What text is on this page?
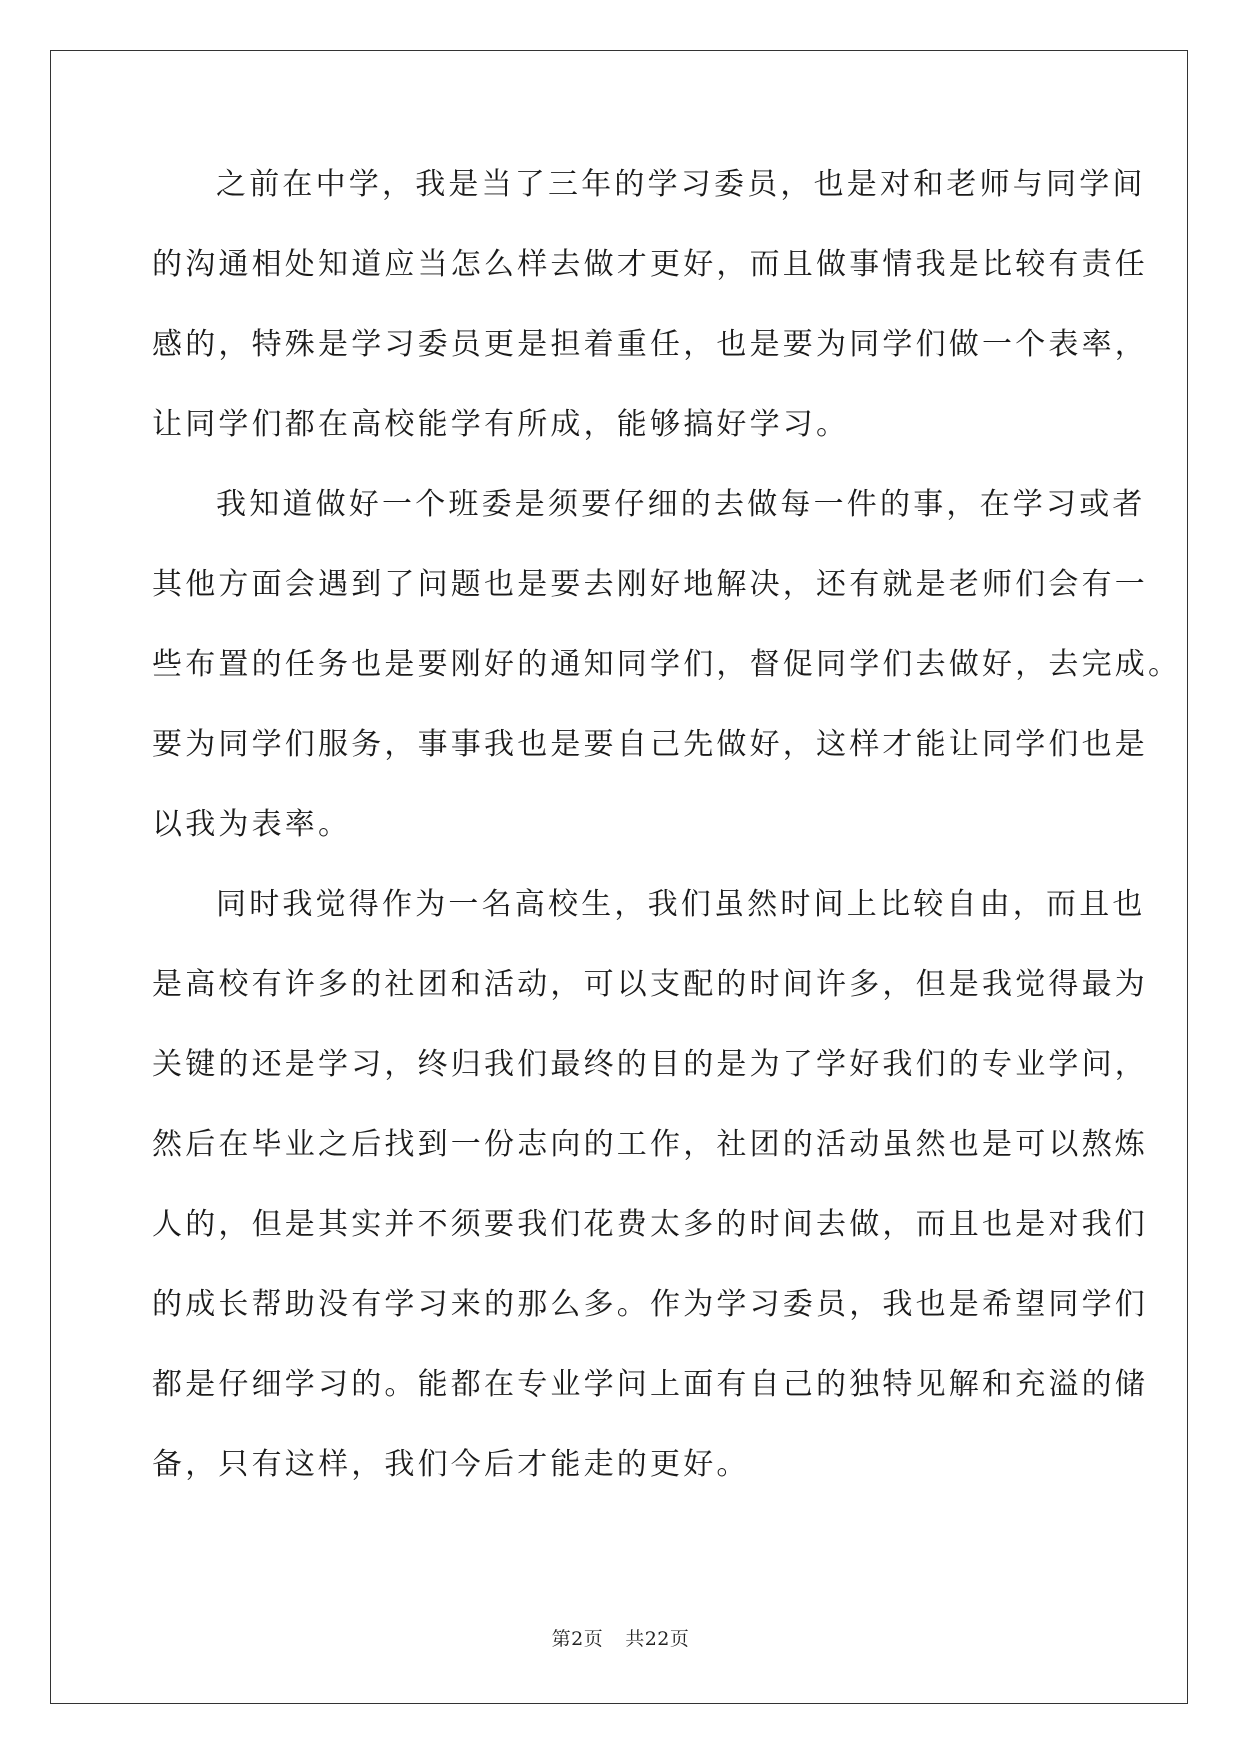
之前在中学，我是当了三年的学习委员，也是对和老师与同学间
的沟通相处知道应当怎么样去做才更好，而且做事情我是比较有责任
感的，特殊是学习委员更是担着重任，也是要为同学们做一个表率，
让同学们都在高校能学有所成，能够搞好学习。
我知道做好一个班委是须要仔细的去做每一件的事，在学习或者
其他方面会遇到了问题也是要去刚好地解决，还有就是老师们会有一
些布置的任务也是要刚好的通知同学们，督促同学们去做好，去完成。
要为同学们服务，事事我也是要自己先做好，这样才能让同学们也是
以我为表率。
同时我觉得作为一名高校生，我们虽然时间上比较自由，而且也
是高校有许多的社团和活动，可以支配的时间许多，但是我觉得最为
关键的还是学习，终归我们最终的目的是为了学好我们的专业学问，
然后在毕业之后找到一份志向的工作，社团的活动虽然也是可以熬炼
人的，但是其实并不须要我们花费太多的时间去做，而且也是对我们
的成长帮助没有学习来的那么多。作为学习委员，我也是希望同学们
都是仔细学习的。能都在专业学问上面有自己的独特见解和充溢的储
备，只有这样，我们今后才能走的更好。
第2页 共22页
